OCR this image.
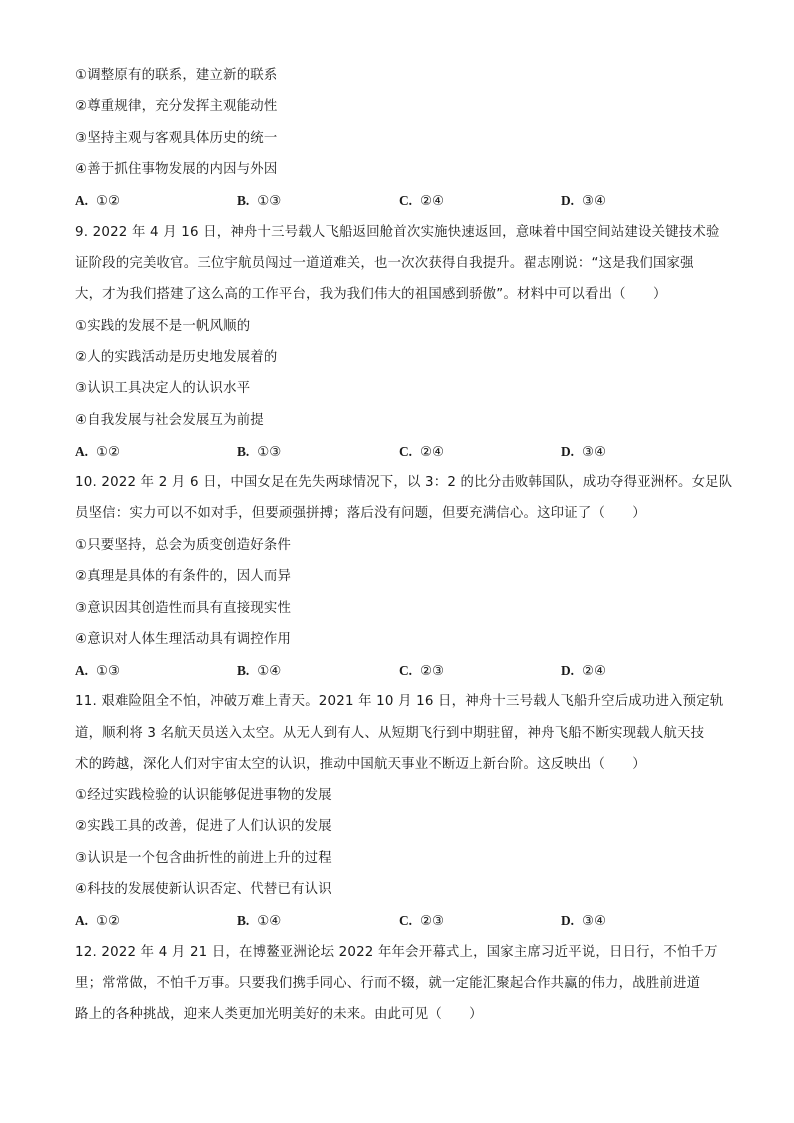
①调整原有的联系，建立新的联系
②尊重规律，充分发挥主观能动性
③坚持主观与客观具体历史的统一
④善于抓住事物发展的内因与外因
A. ①②	B. ①③	C. ②④	D. ③④
9. 2022 年 4 月 16 日，神舟十三号载人飞船返回舱首次实施快速返回，意味着中国空间站建设关键技术验
证阶段的完美收官。三位宇航员闯过一道道难关，也一次次获得自我提升。翟志刚说：“这是我们国家强
大，才为我们搭建了这么高的工作平台，我为我们伟大的祖国感到骄傲”。材料中可以看出（　　）
①实践的发展不是一帆风顺的
②人的实践活动是历史地发展着的
③认识工具决定人的认识水平
④自我发展与社会发展互为前提
A. ①②	B. ①③	C. ②④	D. ③④
10. 2022 年 2 月 6 日，中国女足在先失两球情况下，以 3：2 的比分击败韩国队，成功夺得亚洲杯。女足队
员坚信：实力可以不如对手，但要顽强拼搏；落后没有问题，但要充满信心。这印证了（　　）
①只要坚持，总会为质变创造好条件
②真理是具体的有条件的，因人而异
③意识因其创造性而具有直接现实性
④意识对人体生理活动具有调控作用
A. ①③	B. ①④	C. ②③	D. ②④
11. 艰难险阻全不怕，冲破万难上青天。2021 年 10 月 16 日，神舟十三号载人飞船升空后成功进入预定轨
道，顺利将 3 名航天员送入太空。从无人到有人、从短期飞行到中期驻留，神舟飞船不断实现载人航天技
术的跨越，深化人们对宇宙太空的认识，推动中国航天事业不断迈上新台阶。这反映出（　　）
①经过实践检验的认识能够促进事物的发展
②实践工具的改善，促进了人们认识的发展
③认识是一个包含曲折性的前进上升的过程
④科技的发展使新认识否定、代替已有认识
A. ①②	B. ①④	C. ②③	D. ③④
12. 2022 年 4 月 21 日，在博鳌亚洲论坛 2022 年年会开幕式上，国家主席习近平说，日日行，不怕千万
里；常常做，不怕千万事。只要我们携手同心、行而不辍，就一定能汇聚起合作共赢的伟力，战胜前进道
路上的各种挑战，迎来人类更加光明美好的未来。由此可见（　　）
